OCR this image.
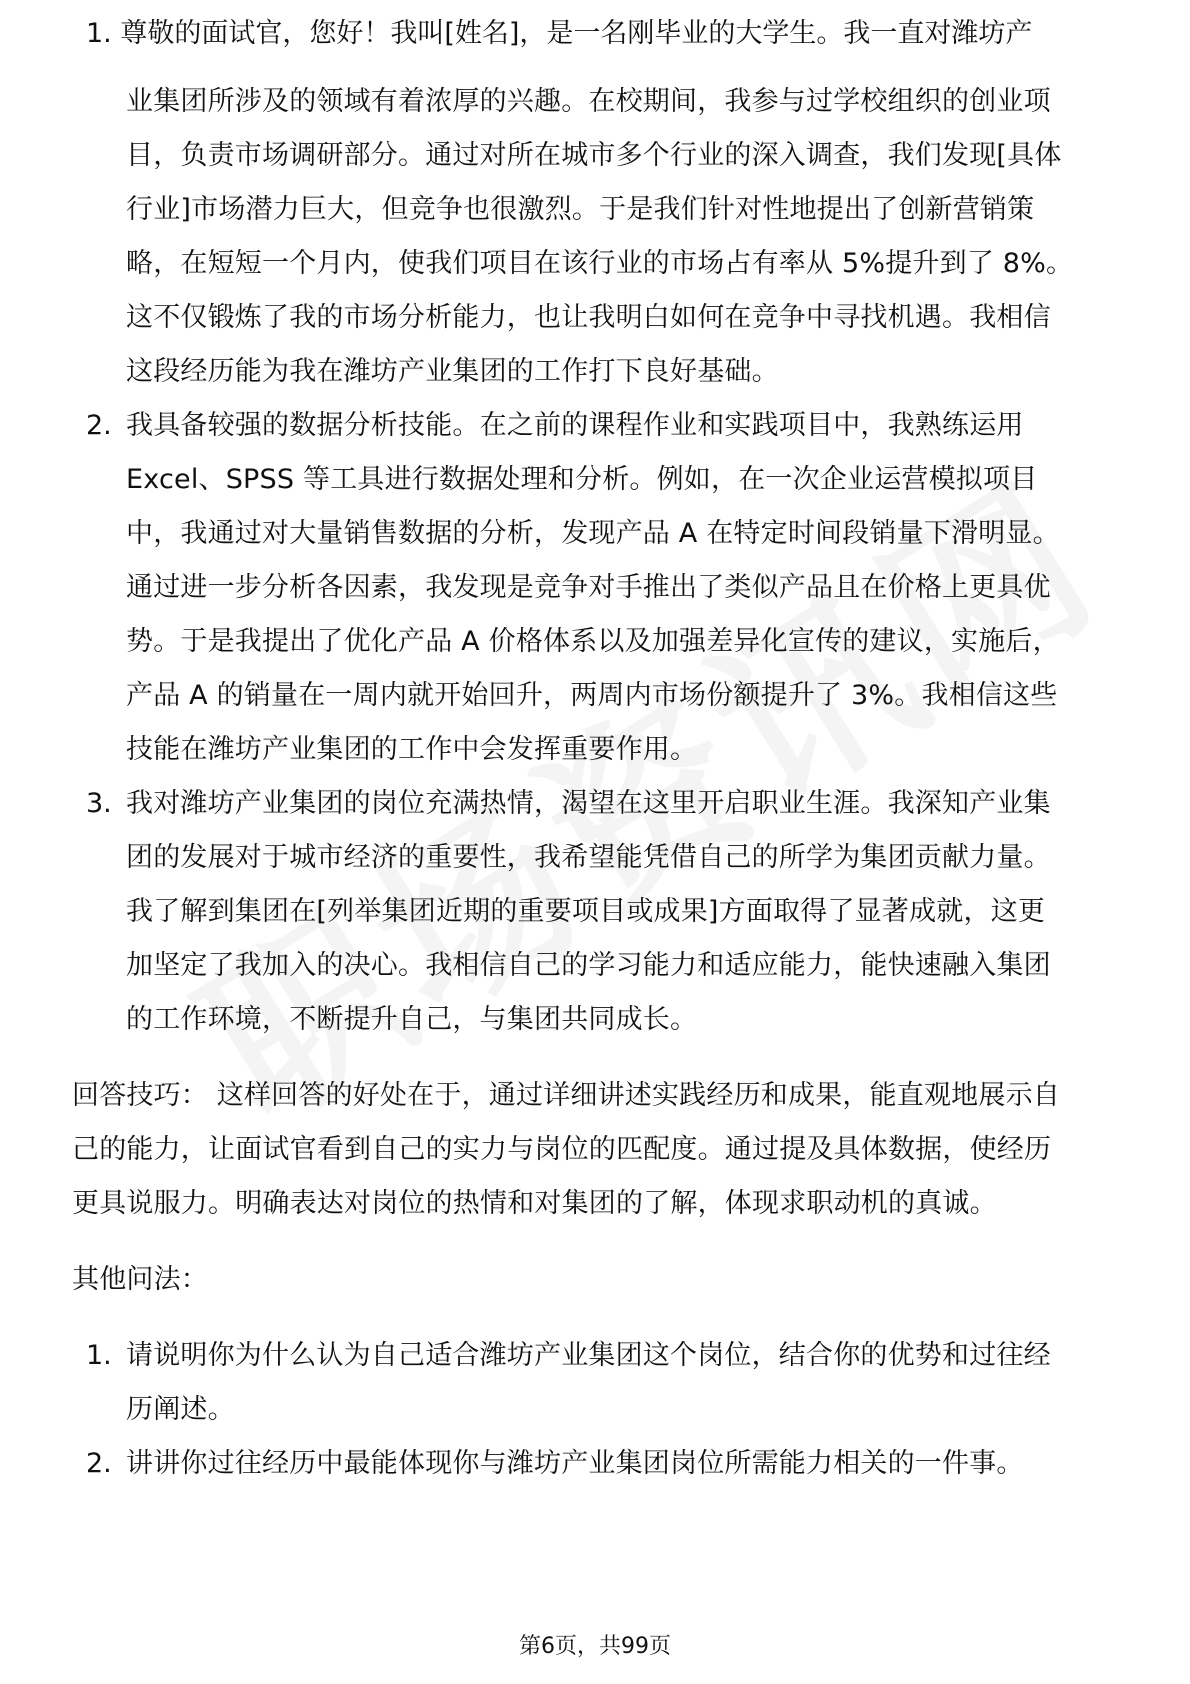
1. 尊敬的面试官，您好！我叫[姓名]，是一名刚毕业的大学生。我一直对潍坊产
业集团所涉及的领域有着浓厚的兴趣。在校期间，我参与过学校组织的创业项
目，负责市场调研部分。通过对所在城市多个行业的深入调查，我们发现[具体
行业]市场潜力巨大，但竞争也很激烈。于是我们针对性地提出了创新营销策
略，在短短一个月内，使我们项目在该行业的市场占有率从 5%提升到了 8%。
这不仅锻炼了我的市场分析能力，也让我明白如何在竞争中寻找机遇。我相信
这段经历能为我在潍坊产业集团的工作打下良好基础。
2. 我具备较强的数据分析技能。在之前的课程作业和实践项目中，我熟练运用
Excel、SPSS 等工具进行数据处理和分析。例如，在一次企业运营模拟项目
中，我通过对大量销售数据的分析，发现产品 A 在特定时间段销量下滑明显。
通过进一步分析各因素，我发现是竞争对手推出了类似产品且在价格上更具优
势。于是我提出了优化产品 A 价格体系以及加强差异化宣传的建议，实施后，
产品 A 的销量在一周内就开始回升，两周内市场份额提升了 3%。我相信这些
技能在潍坊产业集团的工作中会发挥重要作用。
3. 我对潍坊产业集团的岗位充满热情，渴望在这里开启职业生涯。我深知产业集
团的发展对于城市经济的重要性，我希望能凭借自己的所学为集团贡献力量。
我了解到集团在[列举集团近期的重要项目或成果]方面取得了显著成就，这更
加坚定了我加入的决心。我相信自己的学习能力和适应能力，能快速融入集团
的工作环境，不断提升自己，与集团共同成长。
回答技巧： 这样回答的好处在于，通过详细讲述实践经历和成果，能直观地展示自
己的能力，让面试官看到自己的实力与岗位的匹配度。通过提及具体数据，使经历
更具说服力。明确表达对岗位的热情和对集团的了解，体现求职动机的真诚。
其他问法：
1. 请说明你为什么认为自己适合潍坊产业集团这个岗位，结合你的优势和过往经
历阐述。
2. 讲讲你过往经历中最能体现你与潍坊产业集团岗位所需能力相关的一件事。
第6页，共99页
